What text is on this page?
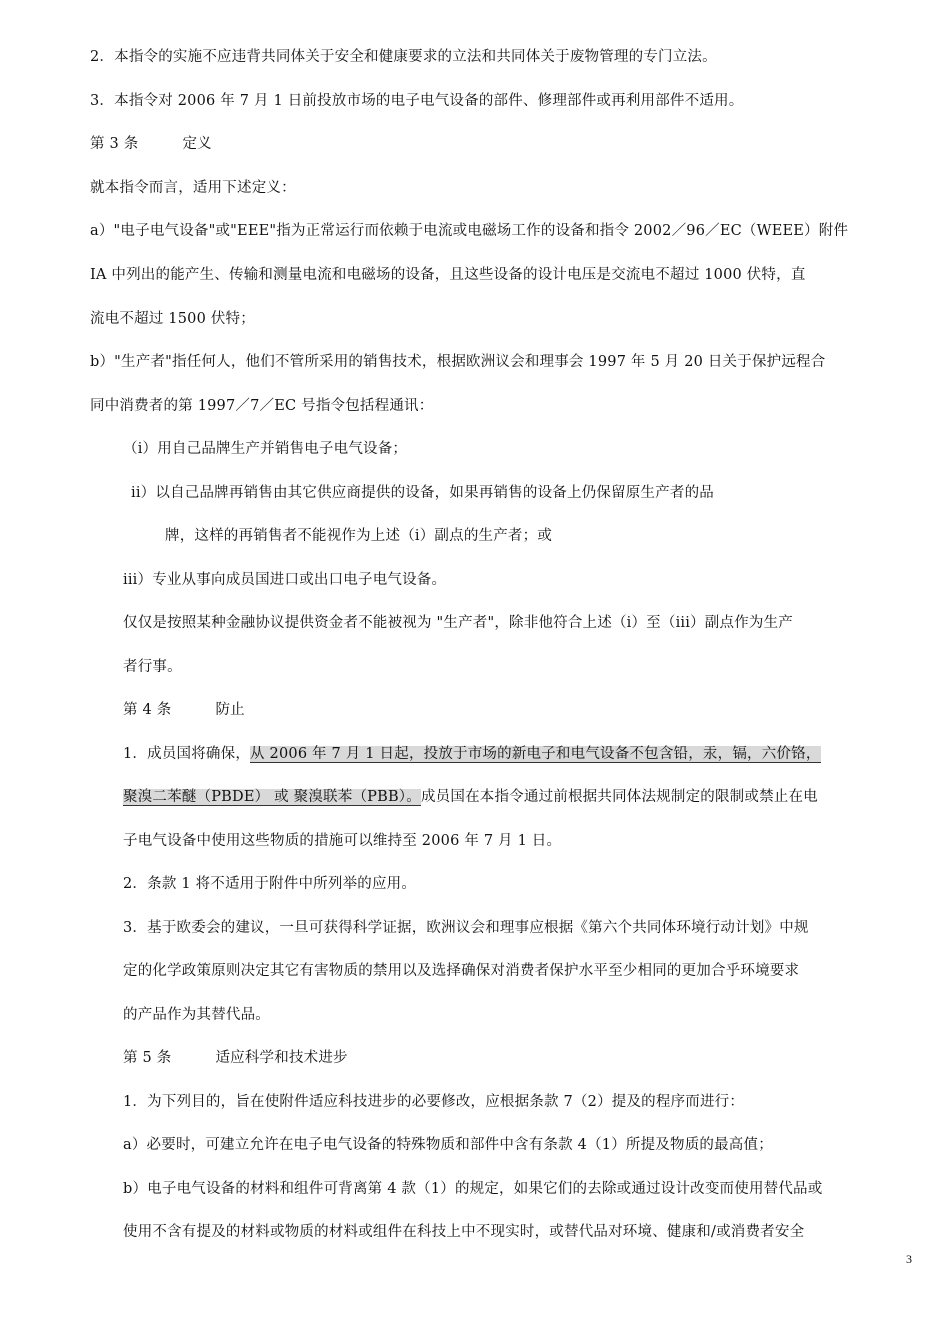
2．本指令的实施不应违背共同体关于安全和健康要求的立法和共同体关于废物管理的专门立法。
3．本指令对 2006 年 7 月 1 日前投放市场的电子电气设备的部件、修理部件或再利用部件不适用。
第 3 条	定义
就本指令而言，适用下述定义：
a）"电子电气设备"或"EEE"指为正常运行而依赖于电流或电磁场工作的设备和指令 2002／96／EC（WEEE）附件
ⅠA 中列出的能产生、传输和测量电流和电磁场的设备，且这些设备的设计电压是交流电不超过 1000 伏特，直
流电不超过 1500 伏特；
b）"生产者"指任何人，他们不管所采用的销售技术，根据欧洲议会和理事会 1997 年 5 月 20 日关于保护远程合
同中消费者的第 1997／7／EC 号指令包括程通讯：
（i）用自己品牌生产并销售电子电气设备；
ii）以自己品牌再销售由其它供应商提供的设备，如果再销售的设备上仍保留原生产者的品
牌，这样的再销售者不能视作为上述（i）副点的生产者；或
iii）专业从事向成员国进口或出口电子电气设备。
仅仅是按照某种金融协议提供资金者不能被视为 "生产者"，除非他符合上述（i）至（iii）副点作为生产
者行事。
第 4 条	防止
1．成员国将确保，从 2006 年 7 月 1 日起，投放于市场的新电子和电气设备不包含铅，汞，镉，六价铬，
聚溴二苯醚（PBDE） 或 聚溴联苯（PBB）。成员国在本指令通过前根据共同体法规制定的限制或禁止在电
子电气设备中使用这些物质的措施可以维持至 2006 年 7 月 1 日。
2．条款 1 将不适用于附件中所列举的应用。
3．基于欧委会的建议，一旦可获得科学证据，欧洲议会和理事应根据《第六个共同体环境行动计划》中规
定的化学政策原则决定其它有害物质的禁用以及选择确保对消费者保护水平至少相同的更加合乎环境要求
的产品作为其替代品。
第 5 条	适应科学和技术进步
1．为下列目的，旨在使附件适应科技进步的必要修改，应根据条款 7（2）提及的程序而进行：
a）必要时，可建立允许在电子电气设备的特殊物质和部件中含有条款 4（1）所提及物质的最高值；
b）电子电气设备的材料和组件可背离第 4 款（1）的规定，如果它们的去除或通过设计改变而使用替代品或
使用不含有提及的材料或物质的材料或组件在科技上中不现实时，或替代品对环境、健康和/或消费者安全
3
